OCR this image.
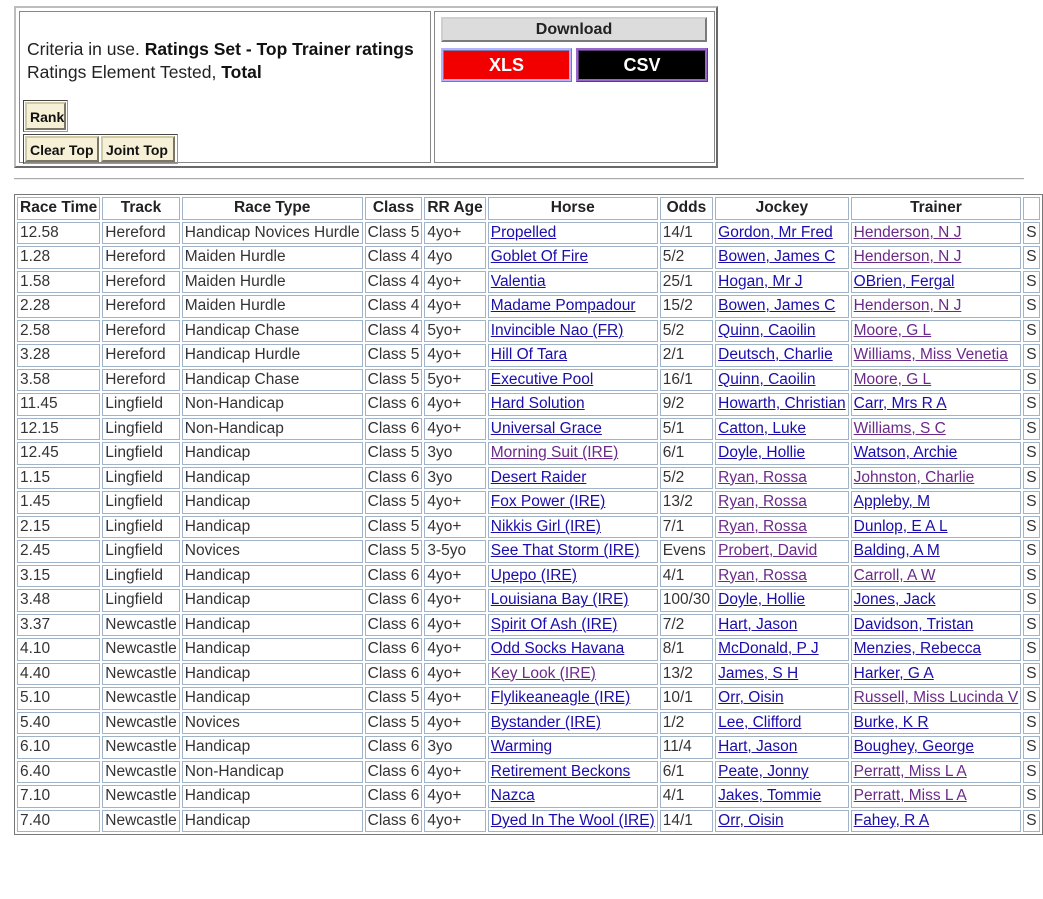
Criteria in use. Ratings Set - Top Trainer ratings
Ratings Element Tested, Total
Rank
Clear Top Joint Top
Download
XLS	CSV
Race Time	Track	Race Type	Class	RR Age	Horse	Odds	Jockey	Trainer	
12.58	Hereford	Handicap Novices Hurdle	Class 5	4yo+	Propelled	14/1	Gordon, Mr Fred	Henderson, N J	S
1.28	Hereford	Maiden Hurdle	Class 4	4yo	Goblet Of Fire	5/2	Bowen, James C	Henderson, N J	S
1.58	Hereford	Maiden Hurdle	Class 4	4yo+	Valentia	25/1	Hogan, Mr J	OBrien, Fergal	S
2.28	Hereford	Maiden Hurdle	Class 4	4yo+	Madame Pompadour	15/2	Bowen, James C	Henderson, N J	S
2.58	Hereford	Handicap Chase	Class 4	5yo+	Invincible Nao (FR)	5/2	Quinn, Caoilin	Moore, G L	S
3.28	Hereford	Handicap Hurdle	Class 5	4yo+	Hill Of Tara	2/1	Deutsch, Charlie	Williams, Miss Venetia	S
3.58	Hereford	Handicap Chase	Class 5	5yo+	Executive Pool	16/1	Quinn, Caoilin	Moore, G L	S
11.45	Lingfield	Non-Handicap	Class 6	4yo+	Hard Solution	9/2	Howarth, Christian	Carr, Mrs R A	S
12.15	Lingfield	Non-Handicap	Class 6	4yo+	Universal Grace	5/1	Catton, Luke	Williams, S C	S
12.45	Lingfield	Handicap	Class 5	3yo	Morning Suit (IRE)	6/1	Doyle, Hollie	Watson, Archie	S
1.15	Lingfield	Handicap	Class 6	3yo	Desert Raider	5/2	Ryan, Rossa	Johnston, Charlie	S
1.45	Lingfield	Handicap	Class 5	4yo+	Fox Power (IRE)	13/2	Ryan, Rossa	Appleby, M	S
2.15	Lingfield	Handicap	Class 5	4yo+	Nikkis Girl (IRE)	7/1	Ryan, Rossa	Dunlop, E A L	S
2.45	Lingfield	Novices	Class 5	3-5yo	See That Storm (IRE)	Evens	Probert, David	Balding, A M	S
3.15	Lingfield	Handicap	Class 6	4yo+	Upepo (IRE)	4/1	Ryan, Rossa	Carroll, A W	S
3.48	Lingfield	Handicap	Class 6	4yo+	Louisiana Bay (IRE)	100/30	Doyle, Hollie	Jones, Jack	S
3.37	Newcastle	Handicap	Class 6	4yo+	Spirit Of Ash (IRE)	7/2	Hart, Jason	Davidson, Tristan	S
4.10	Newcastle	Handicap	Class 6	4yo+	Odd Socks Havana	8/1	McDonald, P J	Menzies, Rebecca	S
4.40	Newcastle	Handicap	Class 6	4yo+	Key Look (IRE)	13/2	James, S H	Harker, G A	S
5.10	Newcastle	Handicap	Class 5	4yo+	Flylikeaneagle (IRE)	10/1	Orr, Oisin	Russell, Miss Lucinda V	S
5.40	Newcastle	Novices	Class 5	4yo+	Bystander (IRE)	1/2	Lee, Clifford	Burke, K R	S
6.10	Newcastle	Handicap	Class 6	3yo	Warming	11/4	Hart, Jason	Boughey, George	S
6.40	Newcastle	Non-Handicap	Class 6	4yo+	Retirement Beckons	6/1	Peate, Jonny	Perratt, Miss L A	S
7.10	Newcastle	Handicap	Class 6	4yo+	Nazca	4/1	Jakes, Tommie	Perratt, Miss L A	S
7.40	Newcastle	Handicap	Class 6	4yo+	Dyed In The Wool (IRE)	14/1	Orr, Oisin	Fahey, R A	S
